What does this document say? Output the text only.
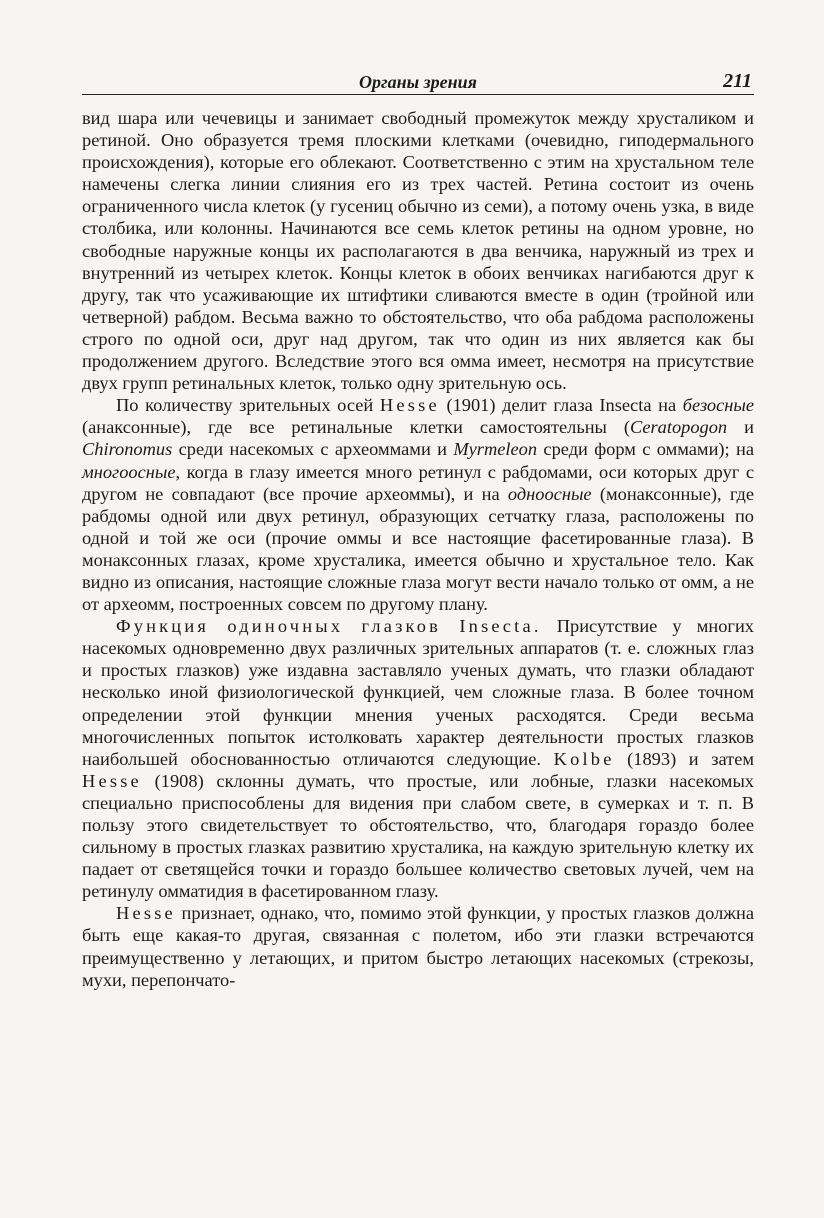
Органы зрения	211

вид шара или чечевицы и занимает свободный промежуток между хрусталиком и ретиной. Оно образуется тремя плоскими клетками (очевидно, гиподермального происхождения), которые его облекают. Соответственно с этим на хрустальном теле намечены слегка линии слияния его из трех частей. Ретина состоит из очень ограниченного числа клеток (у гусениц обычно из семи), а потому очень узка, в виде столбика, или колонны. Начинаются все семь клеток ретины на одном уровне, но свободные наружные концы их располагаются в два венчика, наружный из трех и внутренний из четырех клеток. Концы клеток в обоих венчиках нагибаются друг к другу, так что усаживающие их штифтики сливаются вместе в один (тройной или четверной) рабдом. Весьма важно то обстоятельство, что оба рабдома расположены строго по одной оси, друг над другом, так что один из них является как бы продолжением другого. Вследствие этого вся омма имеет, несмотря на присутствие двух групп ретинальных клеток, только одну зрительную ось.

По количеству зрительных осей Hesse (1901) делит глаза Insecta на безосные (анаксонные), где все ретинальные клетки самостоятельны (Ceratopogon и Chironomus среди насекомых с археоммами и Myrmeleon среди форм с оммами); на многоосные, когда в глазу имеется много ретинул с рабдомами, оси которых друг с другом не совпадают (все прочие археоммы), и на одноосные (монаксонные), где рабдомы одной или двух ретинул, образующих сетчатку глаза, расположены по одной и той же оси (прочие оммы и все настоящие фасетированные глаза). В монаксонных глазах, кроме хрусталика, имеется обычно и хрустальное тело. Как видно из описания, настоящие сложные глаза могут вести начало только от омм, а не от археомм, построенных совсем по другому плану.

Функция одиночных глазков Insecta. Присутствие у многих насекомых одновременно двух различных зрительных аппаратов (т. е. сложных глаз и простых глазков) уже издавна заставляло ученых думать, что глазки обладают несколько иной физиологической функцией, чем сложные глаза. В более точном определении этой функции мнения ученых расходятся. Среди весьма многочисленных попыток истолковать характер деятельности простых глазков наибольшей обоснованностью отличаются следующие. Kolbe (1893) и затем Hesse (1908) склонны думать, что простые, или лобные, глазки насекомых специально приспособлены для видения при слабом свете, в сумерках и т. п. В пользу этого свидетельствует то обстоятельство, что, благодаря гораздо более сильному в простых глазках развитию хрусталика, на каждую зрительную клетку их падает от светящейся точки и гораздо большее количество световых лучей, чем на ретинулу омматидия в фасетированном глазу.

Hesse признает, однако, что, помимо этой функции, у простых глазков должна быть еще какая-то другая, связанная с полетом, ибо эти глазки встречаются преимущественно у летающих, и притом быстро летающих насекомых (стрекозы, мухи, перепончато-
